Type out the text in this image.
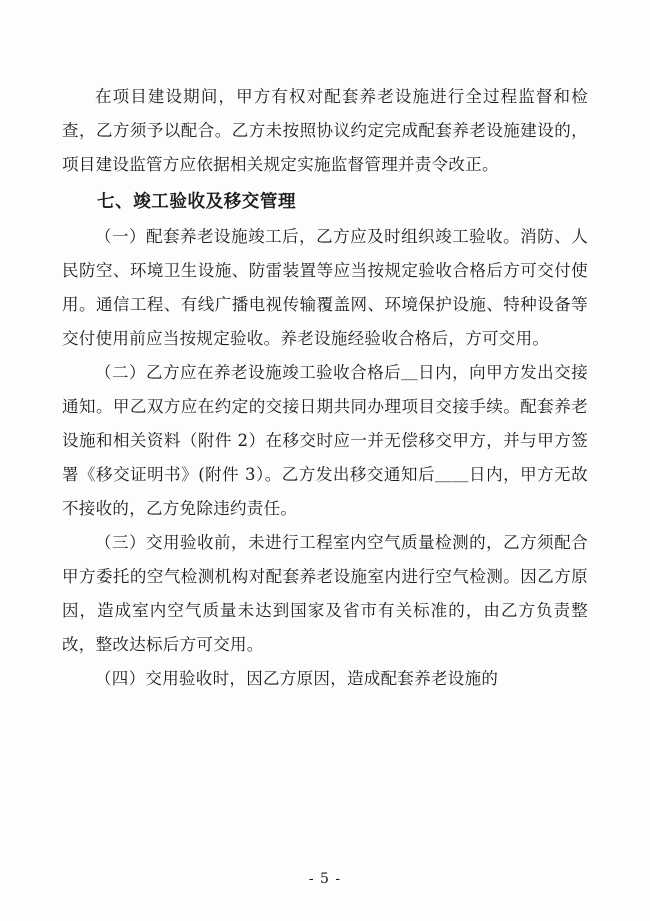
在项目建设期间，甲方有权对配套养老设施进行全过程监督和检查，乙方须予以配合。乙方未按照协议约定完成配套养老设施建设的，项目建设监管方应依据相关规定实施监督管理并责令改正。

七、竣工验收及移交管理

（一）配套养老设施竣工后，乙方应及时组织竣工验收。消防、人民防空、环境卫生设施、防雷装置等应当按规定验收合格后方可交付使用。通信工程、有线广播电视传输覆盖网、环境保护设施、特种设备等交付使用前应当按规定验收。养老设施经验收合格后，方可交用。

（二）乙方应在养老设施竣工验收合格后＿日内，向甲方发出交接通知。甲乙双方应在约定的交接日期共同办理项目交接手续。配套养老设施和相关资料（附件 2）在移交时应一并无偿移交甲方，并与甲方签署《移交证明书》(附件 3）。乙方发出移交通知后＿＿日内，甲方无故不接收的，乙方免除违约责任。

（三）交用验收前，未进行工程室内空气质量检测的，乙方须配合甲方委托的空气检测机构对配套养老设施室内进行空气检测。因乙方原因，造成室内空气质量未达到国家及省市有关标准的，由乙方负责整改，整改达标后方可交用。

（四）交用验收时，因乙方原因，造成配套养老设施的

- 5 -
